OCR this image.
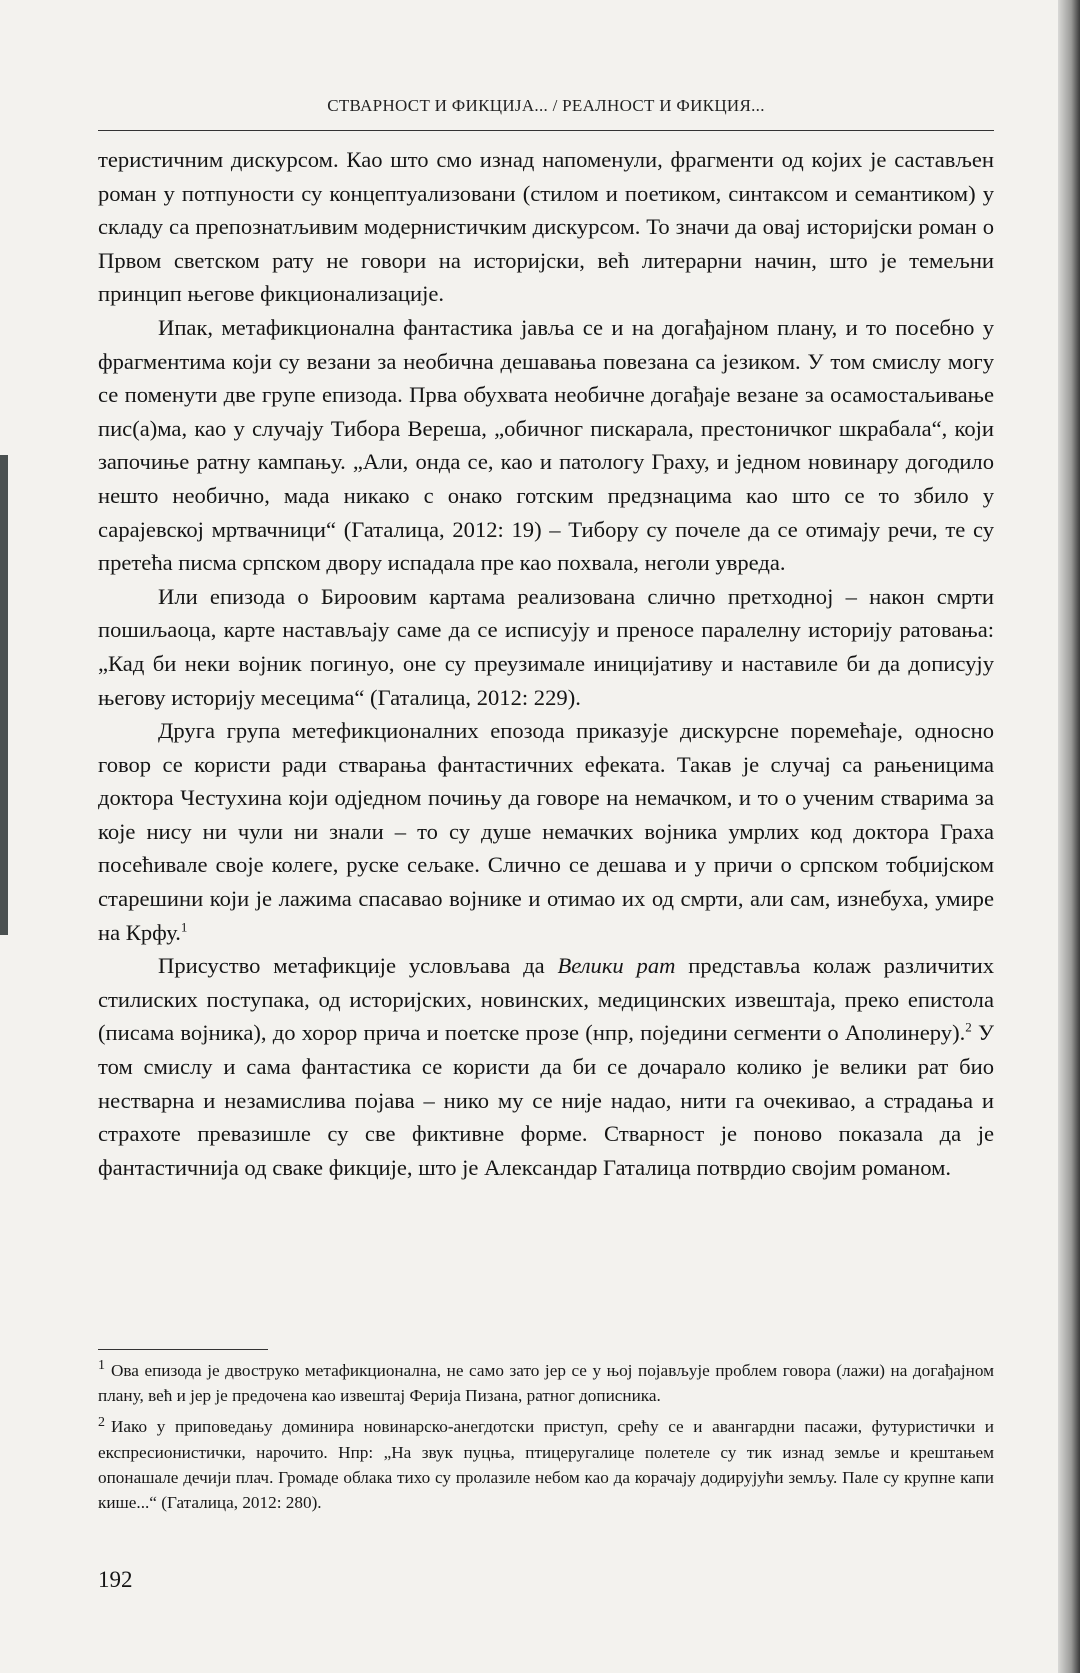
СТВАРНОСТ И ФИКЦИЈА... / РЕАЛНОСТ И ФИКЦИЯ...

теристичним дискурсом. Као што смо изнад напоменули, фрагменти од којих је састављен роман у потпуности су концептуализовани (стилом и поетиком, синтаксом и семантиком) у складу са препознатљивим модернистичким дискурсом. То значи да овај историјски роман о Првом светском рату не говори на историјски, већ литерарни начин, што је темељни принцип његове фикционализације.

Ипак, метафикционална фантастика јавља се и на догађајном плану, и то посебно у фрагментима који су везани за необична дешавања повезана са језиком. У том смислу могу се поменути две групе епизода. Прва обухвата необичне догађаје везане за осамостаљивање пис(а)ма, као у случају Тибора Вереша, „обичног пискарала, престоничког шкрабала“, који започиње ратну кампању. „Али, онда се, као и патологу Граху, и једном новинару догодило нешто необично, мада никако с онако готским предзнацима као што се то збило у сарајевској мртвачници“ (Гаталица, 2012: 19) – Тибору су почеле да се отимају речи, те су претећа писма српском двору испадала пре као похвала, неголи увреда.

Или епизода о Бироовим картама реализована слично претходној – након смрти пошиљаоца, карте настављају саме да се исписују и преносе паралелну историју ратовања: „Кад би неки војник погинуо, оне су преузимале иницијативу и наставиле би да дописују његову историју месецима“ (Гаталица, 2012: 229).

Друга група метефикционалних епозода приказује дискурсне поремећаје, односно говор се користи ради стварања фантастичних ефеката. Такав је случај са рањеницима доктора Честухина који одједном почињу да говоре на немачком, и то о ученим стварима за које нису ни чули ни знали – то су душе немачких војника умрлих код доктора Граха посећивале своје колеге, руске сељаке. Слично се дешава и у причи о српском тобџијском старешини који је лажима спасавао војнике и отимао их од смрти, али сам, изнебуха, умире на Крфу.$^1$

Присуство метафикције условљава да Велики рат представља колаж различитих стилиских поступака, од историјских, новинских, медицинских извештаја, преко епистола (писама војника), до хорор прича и поетске прозе (нпр, поједини сегменти о Аполинеру).$^2$ У том смислу и сама фантастика се користи да би се дочарало колико је велики рат био нестварна и незамислива појава – нико му се није надао, нити га очекивао, а страдања и страхоте превазишле су све фиктивне форме. Стварност је поново показала да је фантастичнија од сваке фикције, што је Александар Гаталица потврдио својим романом.

$^1$ Ова епизода је двоструко метафикционална, не само зато јер се у њој појављује проблем говора (лажи) на догађајном плану, већ и јер је предочена као извештај Ферија Пизана, ратног дописника.

$^2$ Иако у приповедању доминира новинарско-анегдотски приступ, срећу се и авангардни пасажи, футуристички и експресионистички, нарочито. Нпр: „На звук пуцња, птицеругалице полетеле су тик изнад земље и крештањем опонашале дечији плач. Громаде облака тихо су пролазиле небом као да корачају додирујући земљу. Пале су крупне капи кише...“ (Гаталица, 2012: 280).

192
